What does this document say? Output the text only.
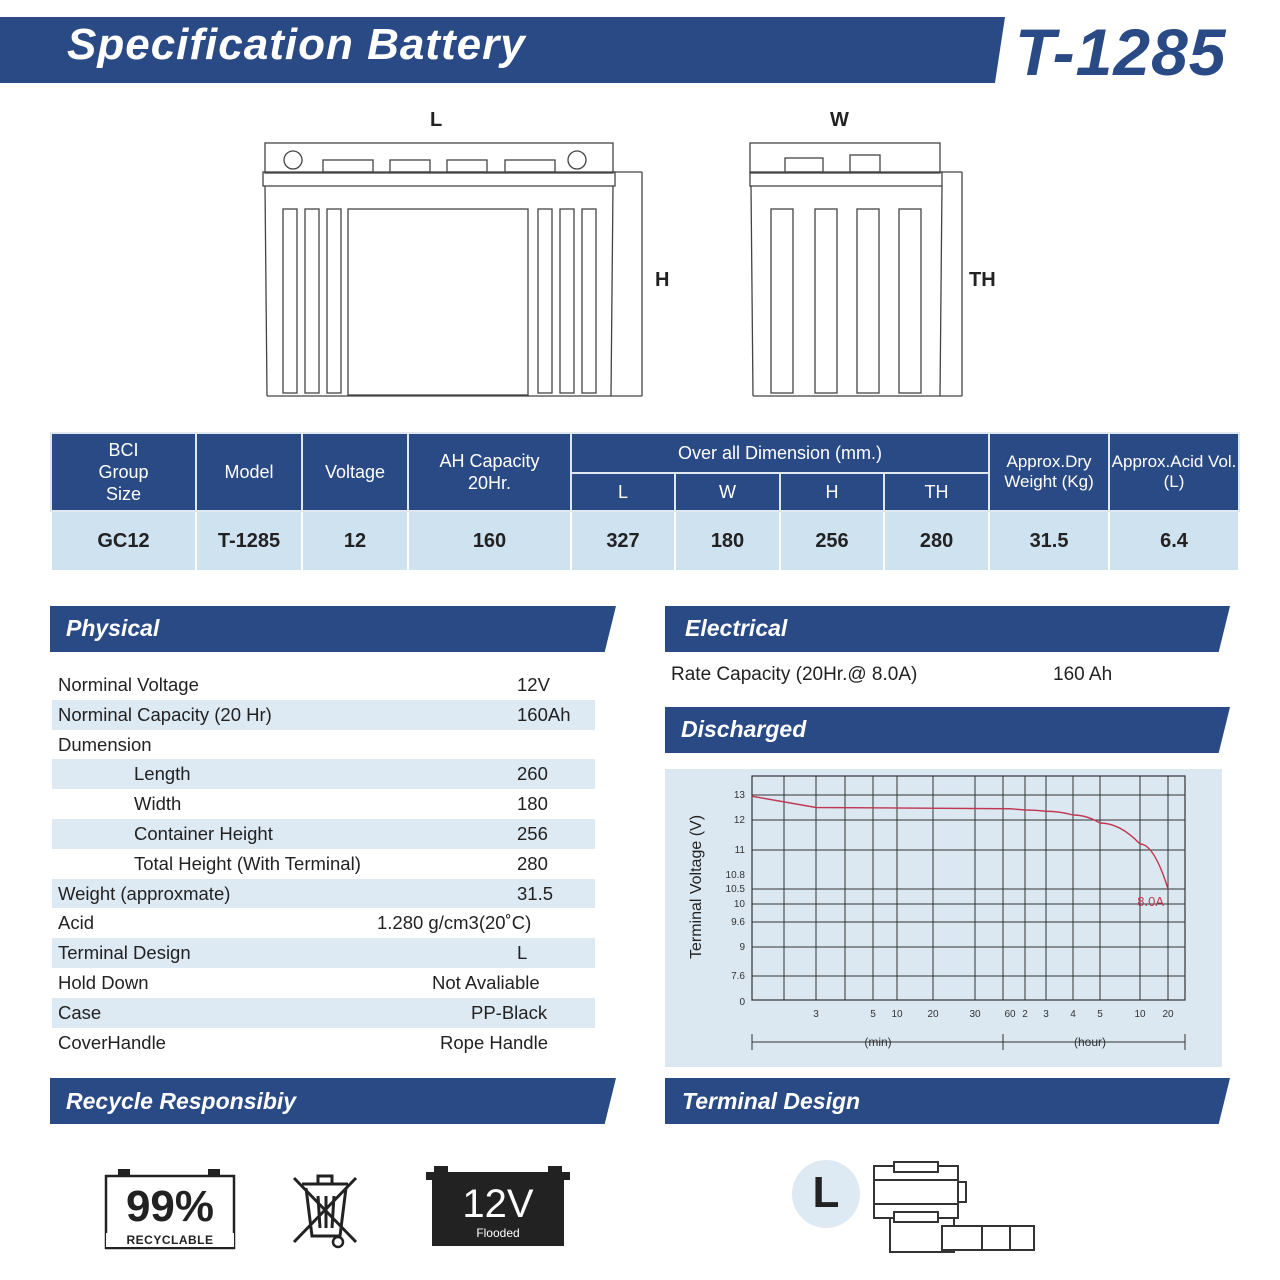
Specification Battery	T-1285
L
H
W
TH
BCI Group Size	Model	Voltage	AH Capacity 20Hr.	Over all Dimension (mm.)				Approx.Dry Weight (Kg)	Approx.Acid Vol. (L)
				L	W	H	TH		
GC12	T-1285	12	160	327	180	256	280	31.5	6.4
Physical
Norminal Voltage	12V
Norminal Capacity (20 Hr)	160Ah
Dumension
Length	260
Width	180
Container Height	256
Total Height (With Terminal)	280
Weight (approxmate)	31.5
Acid	1.280 g/cm3(20˚C)
Terminal Design	L
Hold Down	Not Avaliable
Case	PP-Black
CoverHandle	Rope Handle
Electrical
Rate Capacity (20Hr.@ 8.0A)	160 Ah
Discharged
Terminal Voltage (V)
13
12
11
10.8
10.5
10
9.6
9
7.6
0
3	5 10 20	30 60 2 3 4 5	10 20
(min)	(hour)
8.0A
Recycle Responsibiy
99%
RECYCLABLE
12V
Flooded
Terminal Design
L
